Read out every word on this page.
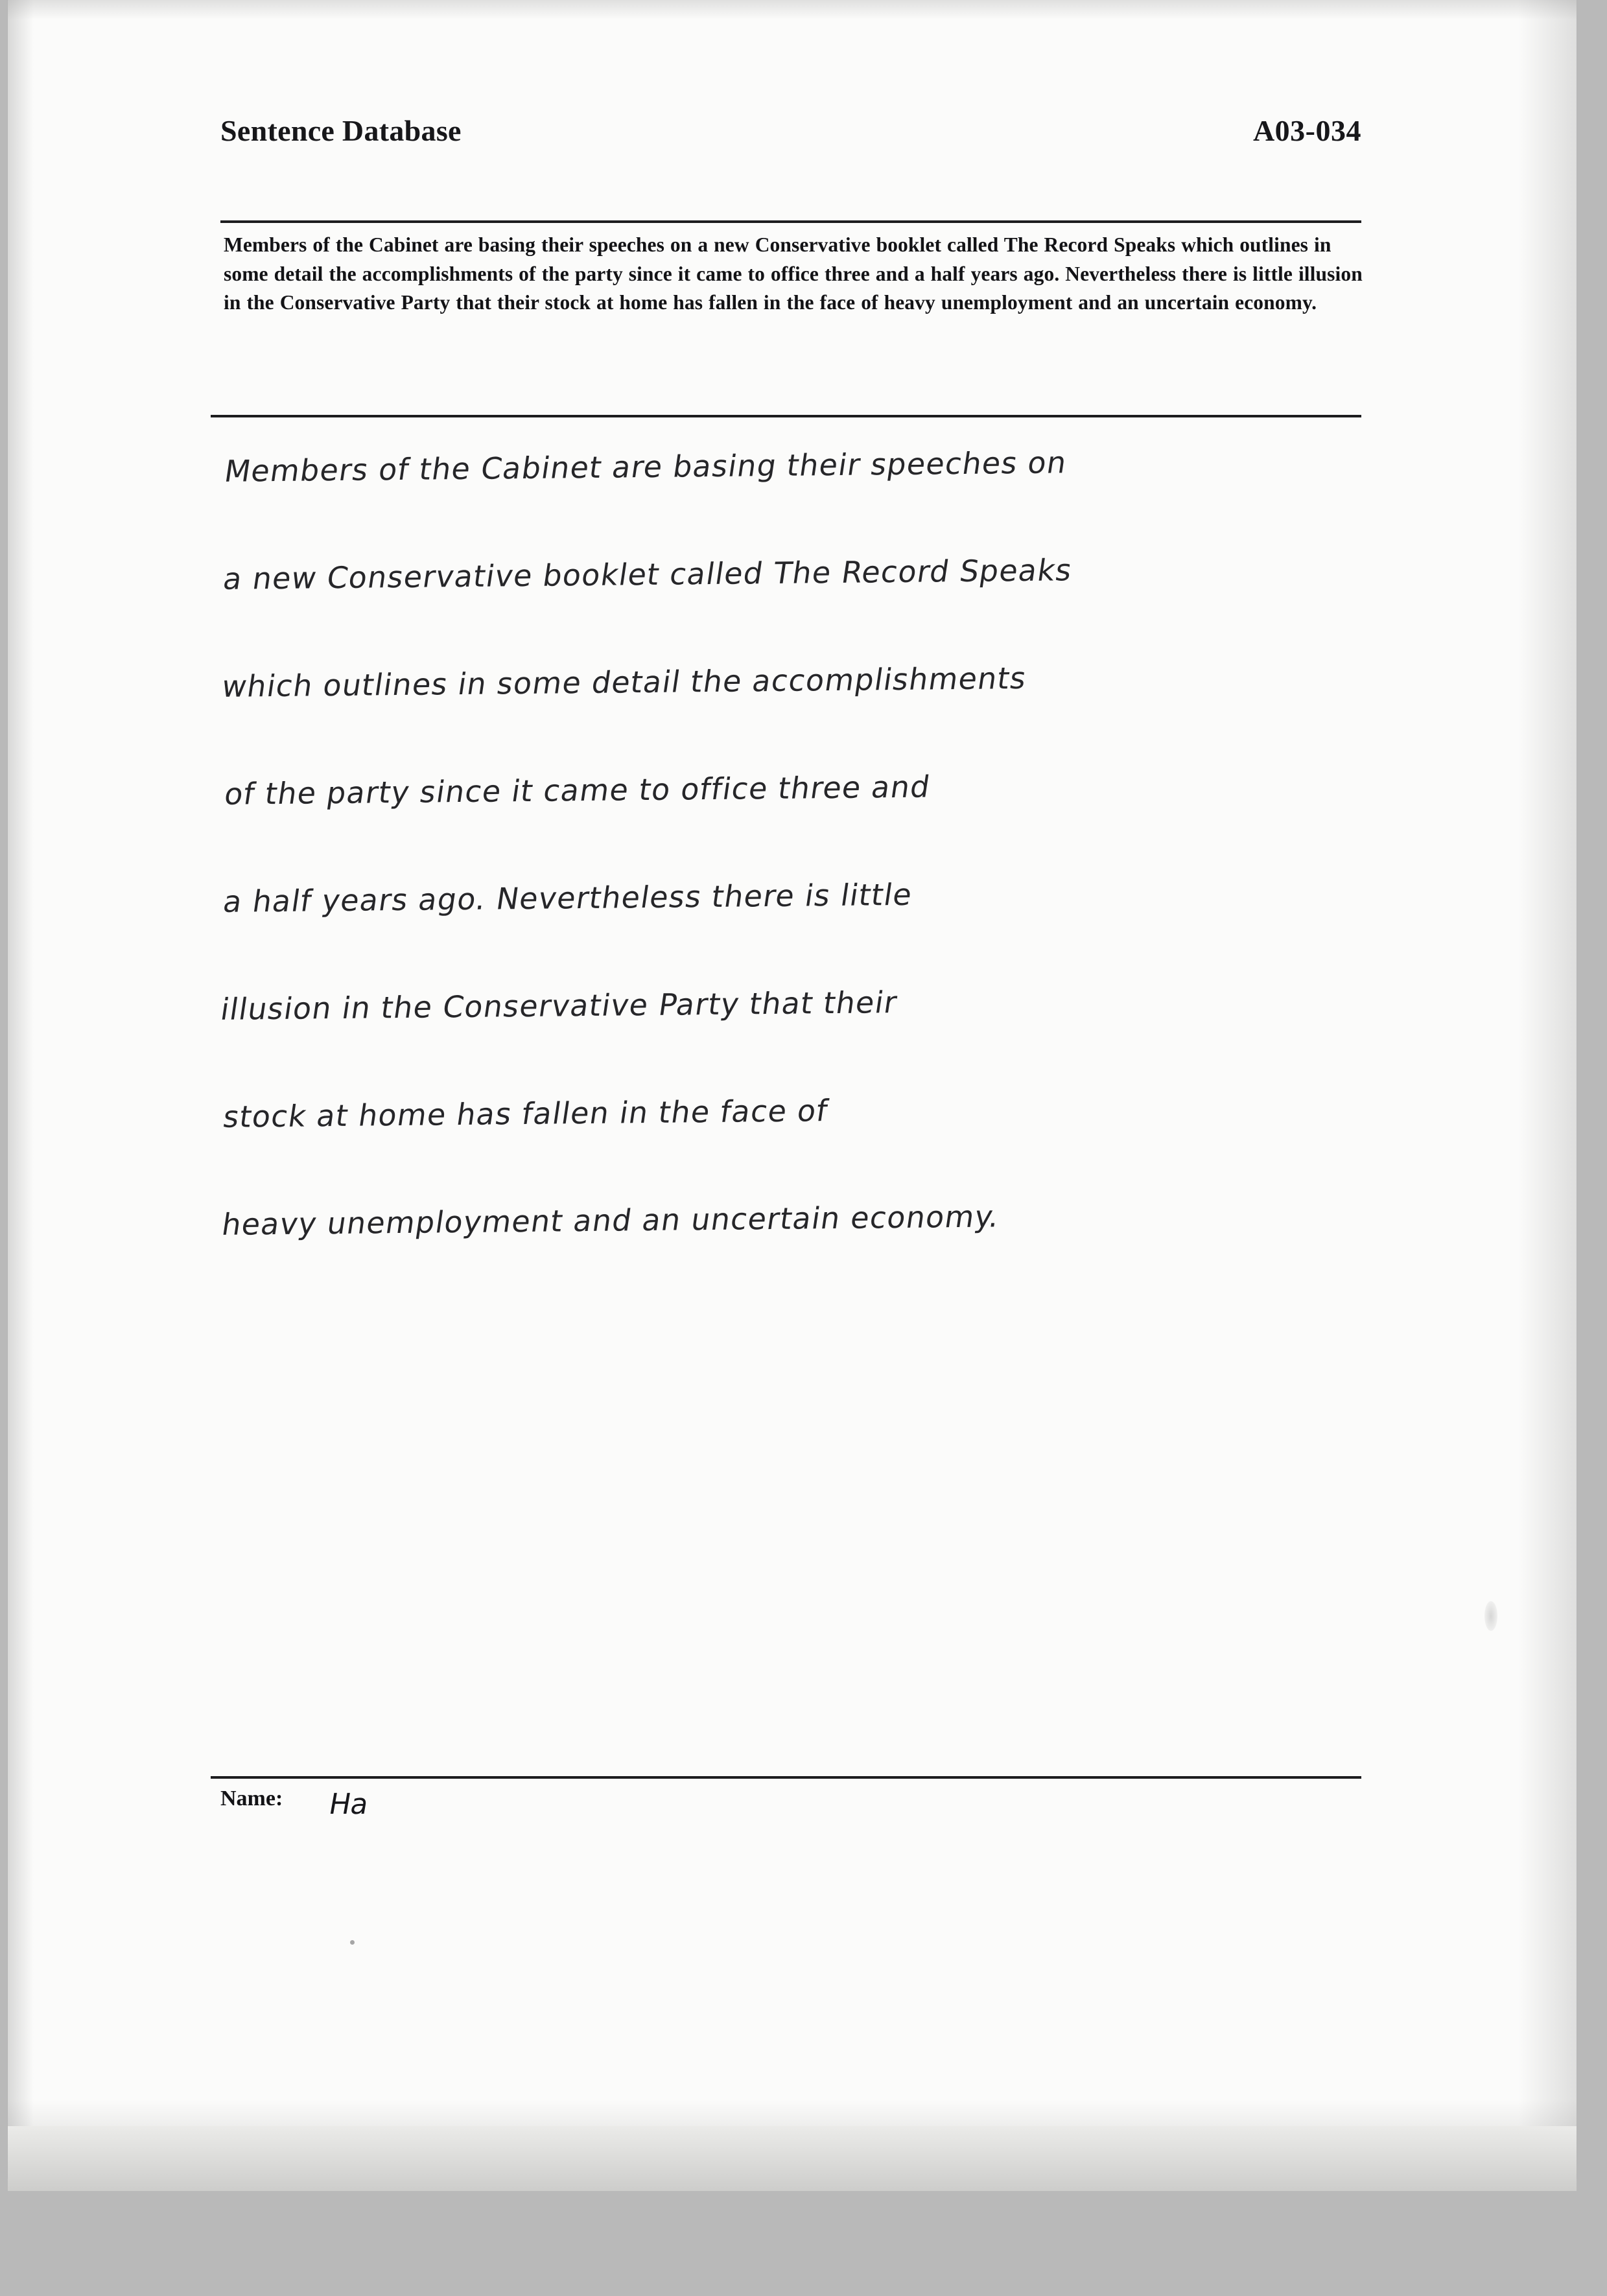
Sentence Database	A03-034
Members of the Cabinet are basing their speeches on a new Conservative booklet called The Record Speaks which outlines in some detail the accomplishments of the party since it came to office three and a half years ago. Nevertheless there is little illusion in the Conservative Party that their stock at home has fallen in the face of heavy unemployment and an uncertain economy.
Members of the Cabinet are basing their speeches on
a new Conservative booklet called The Record Speaks
which outlines in some detail the accomplishments
of the party since it came to office three and
a half years ago. Nevertheless there is little
illusion in the Conservative Party that their
stock at home has fallen in the face of
heavy unemployment and an uncertain economy.
Name: Ha
